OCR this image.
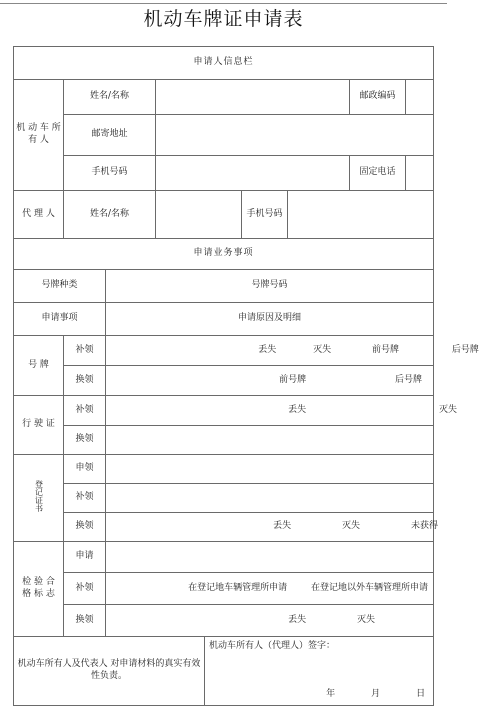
机动车牌证申请表
申请人信息栏								
机 动 车 所 有 人	姓名/名称						邮政编码	
	邮寄地址							
	手机号码						固定电话	
代 理 人	姓名/名称				手机号码			
申请业务事项								
号牌种类		号牌号码						
申请事项		申请原因及明细						
号 牌	补领	丢失 灭失 前号牌 后号牌						
	换领	前号牌 后号牌						
行 驶 证	补领	丢失 灭失						
	换领							
登记证书	申领							
	补领							
	换领	丢失 灭失 未获得						
检 验 合 格 标 志	申请							
	补领	在登记地车辆管理所申请 在登记地以外车辆管理所申请						
	换领	丢失 灭失						
机动车所有人及代表人 对申请材料的真实有效性负责。				机动车所有人（代理人）签字：
年 月 日				
